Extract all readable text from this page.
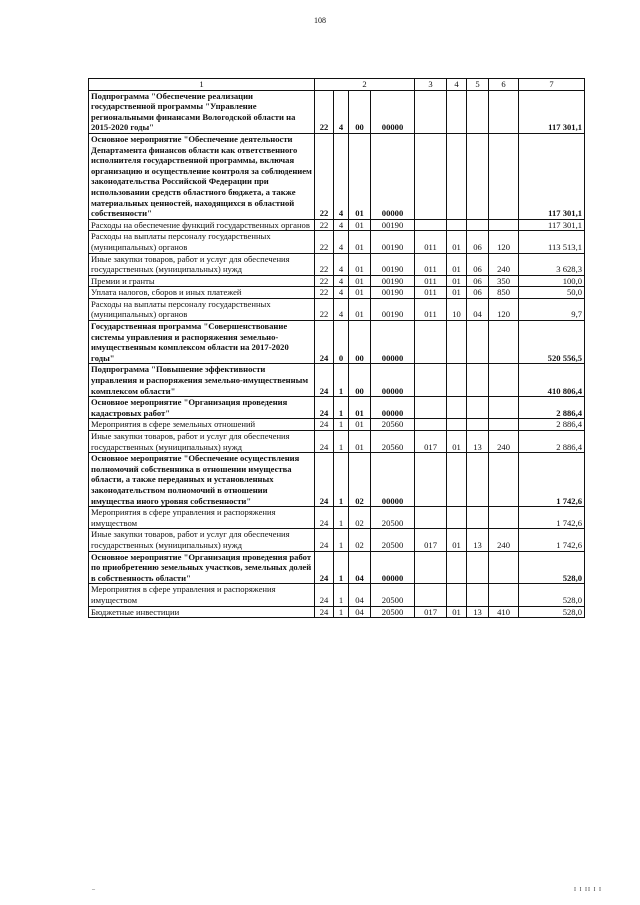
108
1	2				3	4	5	6	7
Подпрограмма "Обеспечение реализации государственной программы "Управление региональными финансами Вологодской области на 2015-2020 годы"	22	4	00	00000					117 301,1
Основное мероприятие "Обеспечение деятельности Департамента финансов области как ответственного исполнителя государственной программы, включая организацию и осуществление контроля за соблюдением законодательства Российской Федерации при использовании средств областного бюджета, а также материальных ценностей, находящихся в областной собственности"	22	4	01	00000					117 301,1
Расходы на обеспечение функций государственных органов	22	4	01	00190					117 301,1
Расходы на выплаты персоналу государственных (муниципальных) органов	22	4	01	00190	011	01	06	120	113 513,1
Иные закупки товаров, работ и услуг для обеспечения государственных (муниципальных) нужд	22	4	01	00190	011	01	06	240	3 628,3
Премии и гранты	22	4	01	00190	011	01	06	350	100,0
Уплата налогов, сборов и иных платежей	22	4	01	00190	011	01	06	850	50,0
Расходы на выплаты персоналу государственных (муниципальных) органов	22	4	01	00190	011	10	04	120	9,7
Государственная программа "Совершенствование системы управления и распоряжения земельно-имущественным комплексом области на 2017-2020 годы"	24	0	00	00000					520 556,5
Подпрограмма "Повышение эффективности управления и распоряжения земельно-имущественным комплексом области"	24	1	00	00000					410 806,4
Основное мероприятие "Организация проведения кадастровых работ"	24	1	01	00000					2 886,4
Мероприятия в сфере земельных отношений	24	1	01	20560					2 886,4
Иные закупки товаров, работ и услуг для обеспечения государственных (муниципальных) нужд	24	1	01	20560	017	01	13	240	2 886,4
Основное мероприятие "Обеспечение осуществления полномочий собственника в отношении имущества области, а также переданных и установленных законодательством полномочий в отношении имущества иного уровня собственности"	24	1	02	00000					1 742,6
Мероприятия в сфере управления и распоряжения имуществом	24	1	02	20500					1 742,6
Иные закупки товаров, работ и услуг для обеспечения государственных (муниципальных) нужд	24	1	02	20500	017	01	13	240	1 742,6
Основное мероприятие "Организация проведения работ по приобретению земельных участков, земельных долей в собственность области"	24	1	04	00000					528,0
Мероприятия в сфере управления и распоряжения имуществом	24	1	04	20500					528,0
Бюджетные инвестиции	24	1	04	20500	017	01	13	410	528,0
–	I I II I I
